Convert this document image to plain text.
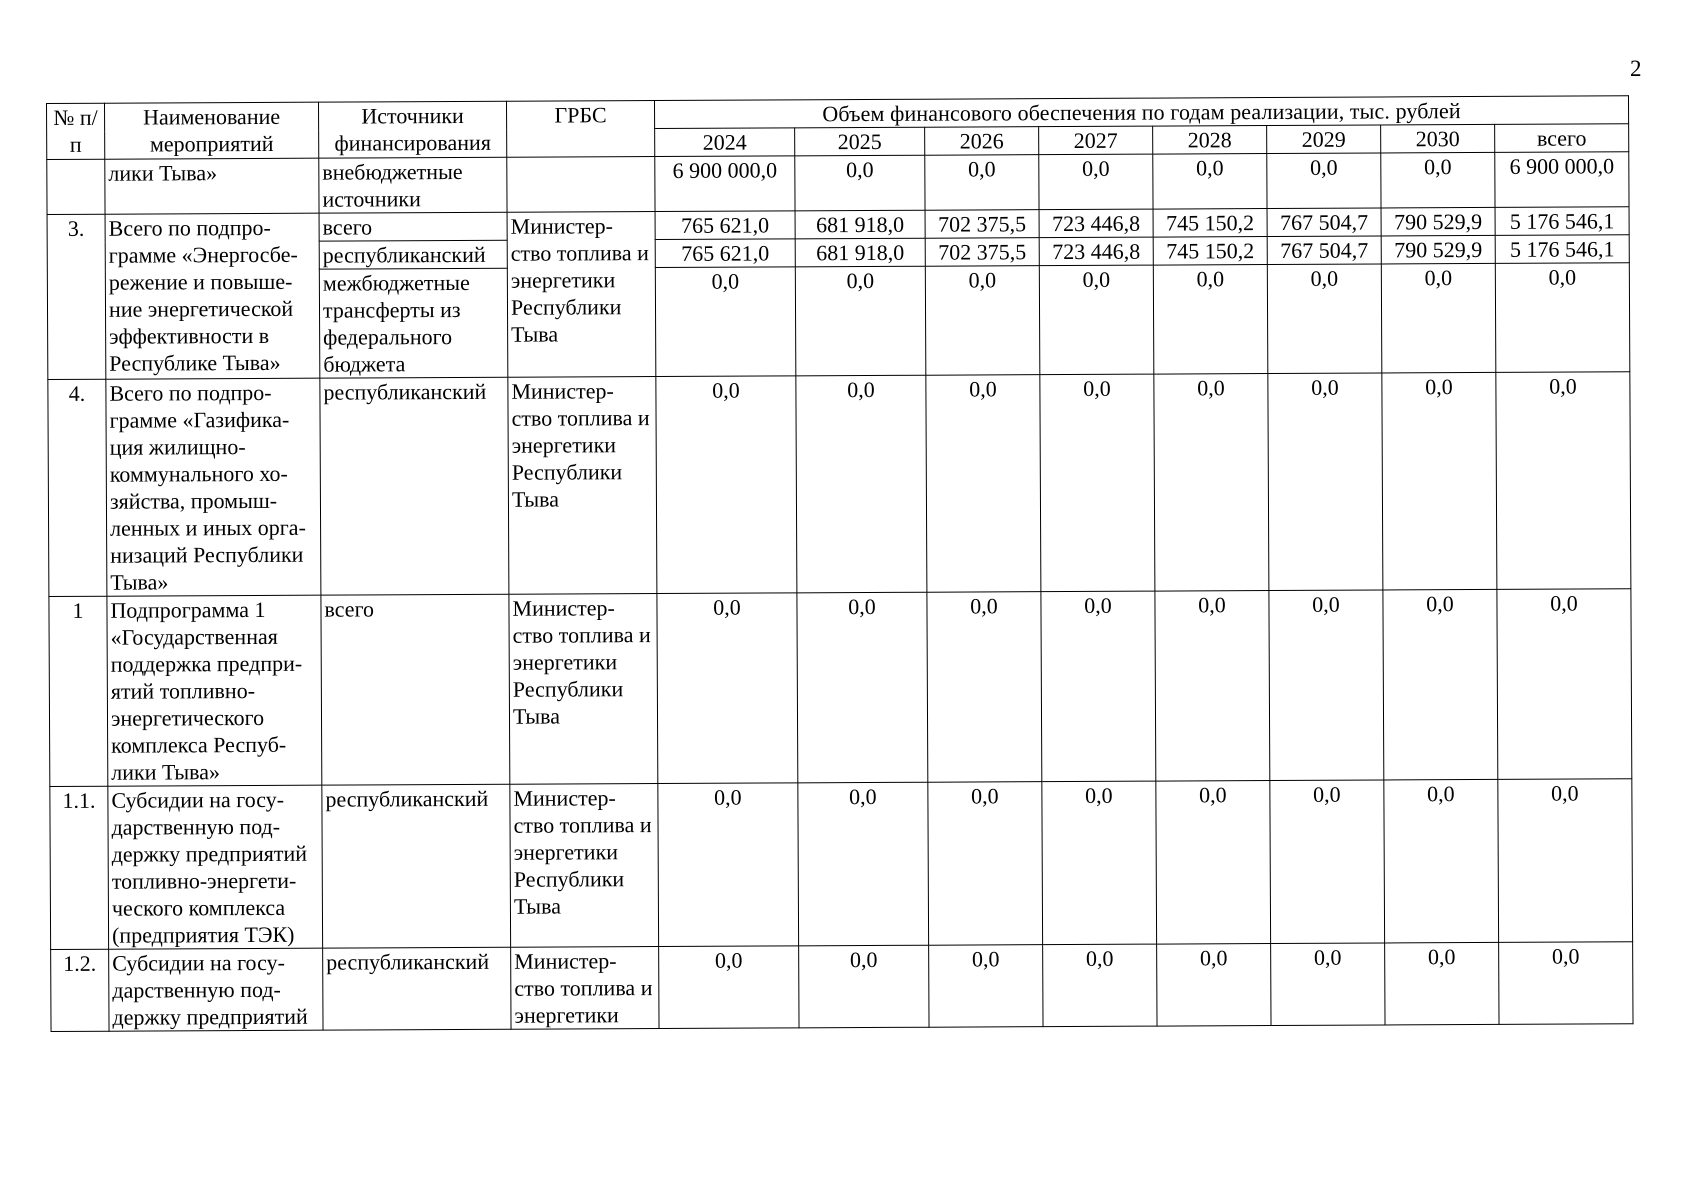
2
№ п/п	Наименование мероприятий	Источники финансирования	ГРБС	Объем финансового обеспечения по годам реализации, тыс. рублей							
				2024	2025	2026	2027	2028	2029	2030	всего
	лики Тыва»	внебюджетные источники		6 900 000,0	0,0	0,0	0,0	0,0	0,0	0,0	6 900 000,0
3.	Всего по подпро-грамме «Энергосбе-режение и повыше-ние энергетической эффективности в Республике Тыва»	всего	Министер-ство топлива и энергетики Республики Тыва	765 621,0	681 918,0	702 375,5	723 446,8	745 150,2	767 504,7	790 529,9	5 176 546,1
		республиканский		765 621,0	681 918,0	702 375,5	723 446,8	745 150,2	767 504,7	790 529,9	5 176 546,1
		межбюджетные трансферты из федерального бюджета		0,0	0,0	0,0	0,0	0,0	0,0	0,0	0,0
4.	Всего по подпро-грамме «Газифика-ция жилищно-коммунального хо-зяйства, промыш-ленных и иных орга-низаций Республики Тыва»	республиканский	Министер-ство топлива и энергетики Республики Тыва	0,0	0,0	0,0	0,0	0,0	0,0	0,0	0,0
1	Подпрограмма 1 «Государственная поддержка предпри-ятий топливно-энергетического комплекса Респуб-лики Тыва»	всего	Министер-ство топлива и энергетики Республики Тыва	0,0	0,0	0,0	0,0	0,0	0,0	0,0	0,0
1.1.	Субсидии на госу-дарственную под-держку предприятий топливно-энергети-ческого комплекса (предприятия ТЭК)	республиканский	Министер-ство топлива и энергетики Республики Тыва	0,0	0,0	0,0	0,0	0,0	0,0	0,0	0,0
1.2.	Субсидии на госу-дарственную под-держку предприятий	республиканский	Министер-ство топлива и энергетики	0,0	0,0	0,0	0,0	0,0	0,0	0,0	0,0
